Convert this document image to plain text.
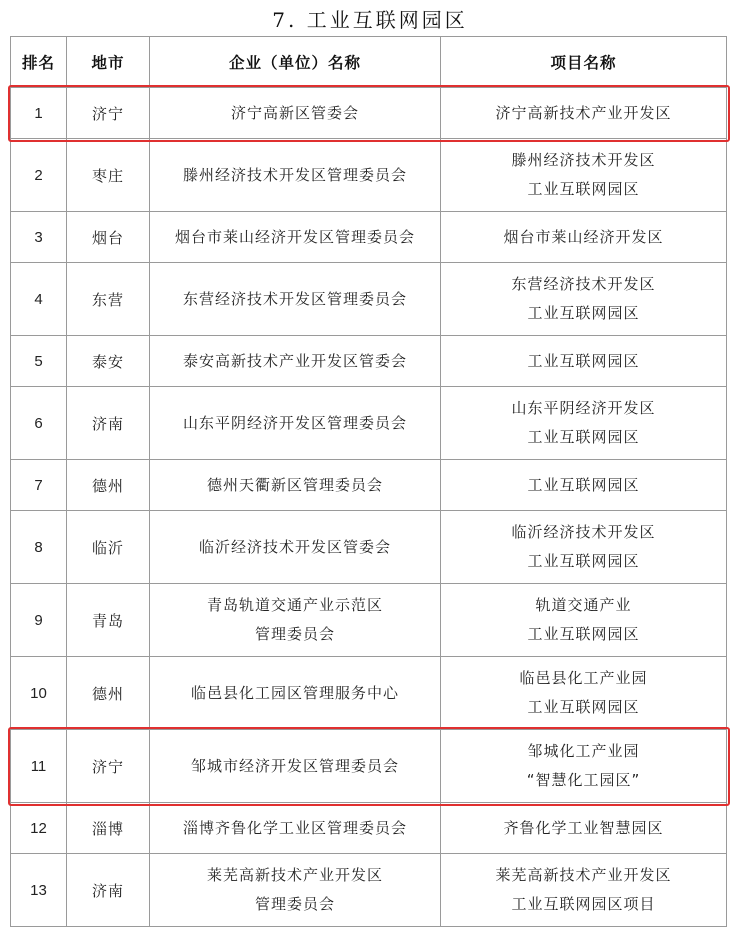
7. 工业互联网园区
排名	地市	企业（单位）名称	项目名称
1	济宁	济宁高新区管委会	济宁高新技术产业开发区

2	枣庄	滕州经济技术开发区管理委员会	滕州经济技术开发区
工业互联网园区

3	烟台	烟台市莱山经济开发区管理委员会	烟台市莱山经济开发区

4	东营	东营经济技术开发区管理委员会	东营经济技术开发区
工业互联网园区

5	泰安	泰安高新技术产业开发区管委会	工业互联网园区

6	济南	山东平阴经济开发区管理委员会	山东平阴经济开发区
工业互联网园区

7	德州	德州天衢新区管理委员会	工业互联网园区

8	临沂	临沂经济技术开发区管委会	临沂经济技术开发区
工业互联网园区

9	青岛	青岛轨道交通产业示范区
管理委员会	轨道交通产业
工业互联网园区

10	德州	临邑县化工园区管理服务中心	临邑县化工产业园
工业互联网园区

11	济宁	邹城市经济开发区管理委员会	邹城化工产业园
“智慧化工园区”

12	淄博	淄博齐鲁化学工业区管理委员会	齐鲁化学工业智慧园区

13	济南	莱芜高新技术产业开发区
管理委员会	莱芜高新技术产业开发区
工业互联网园区项目
